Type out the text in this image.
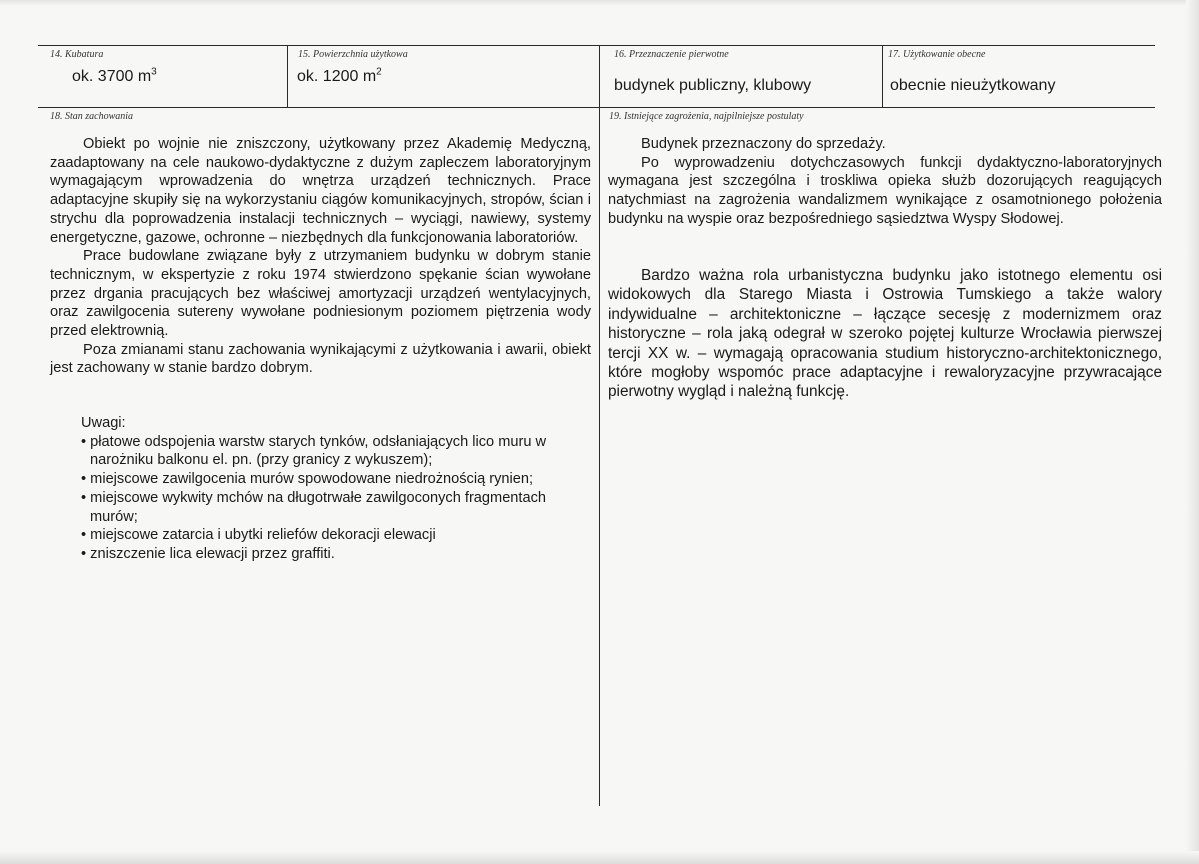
14. Kubatura
ok. 3700 $m^3$
15. Powierzchnia użytkowa
ok. 1200 $m^2$
16. Przeznaczenie pierwotne
budynek publiczny, klubowy
17. Użytkowanie obecne
obecnie nieużytkowany
18. Stan zachowania	19. Istniejące zagrożenia, najpilniejsze postulaty

Obiekt po wojnie nie zniszczony, użytkowany przez Akademię Medyczną, zaadaptowany na cele naukowo-dydaktyczne z dużym zapleczem laboratoryjnym wymagającym wprowadzenia do wnętrza urządzeń technicznych. Prace adaptacyjne skupiły się na wykorzystaniu ciągów komunikacyjnych, stropów, ścian i strychu dla poprowadzenia instalacji technicznych – wyciągi, nawiewy, systemy energetyczne, gazowe, ochronne – niezbędnych dla funkcjonowania laboratoriów.

Prace budowlane związane były z utrzymaniem budynku w dobrym stanie technicznym, w ekspertyzie z roku 1974 stwierdzono spękanie ścian wywołane przez drgania pracujących bez właściwej amortyzacji urządzeń wentylacyjnych, oraz zawilgocenia sutereny wywołane podniesionym poziomem piętrzenia wody przed elektrownią.

Poza zmianami stanu zachowania wynikającymi z użytkowania i awarii, obiekt jest zachowany w stanie bardzo dobrym.

Uwagi:
• płatowe odspojenia warstw starych tynków, odsłaniających lico muru w narożniku balkonu el. pn. (przy granicy z wykuszem);
• miejscowe zawilgocenia murów spowodowane niedrożnością rynien;
• miejscowe wykwity mchów na długotrwałe zawilgoconych fragmentach murów;
• miejscowe zatarcia i ubytki reliefów dekoracji elewacji
• zniszczenie lica elewacji przez graffiti.

Budynek przeznaczony do sprzedaży.

Po wyprowadzeniu dotychczasowych funkcji dydaktyczno-laboratoryjnych wymagana jest szczególna i troskliwa opieka służb dozorujących reagujących natychmiast na zagrożenia wandalizmem wynikające z osamotnionego położenia budynku na wyspie oraz bezpośredniego sąsiedztwa Wyspy Słodowej.

Bardzo ważna rola urbanistyczna budynku jako istotnego elementu osi widokowych dla Starego Miasta i Ostrowia Tumskiego a także walory indywidualne – architektoniczne – łączące secesję z modernizmem oraz historyczne – rola jaką odegrał w szeroko pojętej kulturze Wrocławia pierwszej tercji XX w. – wymagają opracowania studium historyczno-architektonicznego, które mogłoby wspomóc prace adaptacyjne i rewaloryzacyjne przywracające pierwotny wygląd i należną funkcję.
